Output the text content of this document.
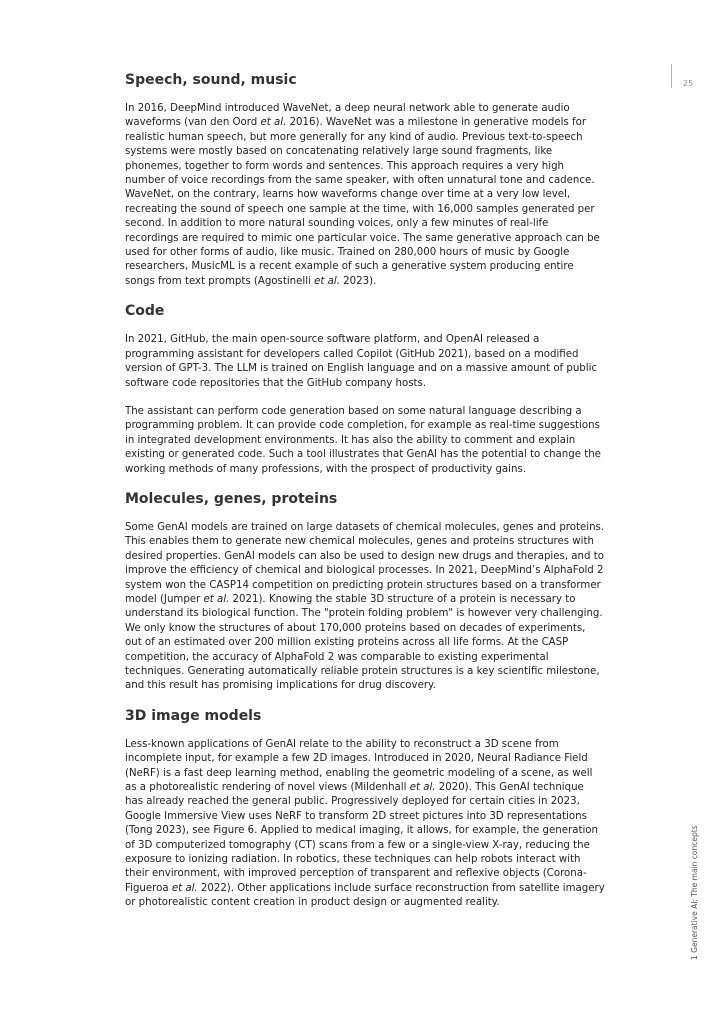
25
1 Generative AI: The main concepts
Speech, sound, music

In 2016, DeepMind introduced WaveNet, a deep neural network able to generate audio waveforms (van den Oord et al. 2016). WaveNet was a milestone in generative models for realistic human speech, but more generally for any kind of audio. Previous text-to-speech systems were mostly based on concatenating relatively large sound fragments, like phonemes, together to form words and sentences. This approach requires a very high number of voice recordings from the same speaker, with often unnatural tone and cadence. WaveNet, on the contrary, learns how waveforms change over time at a very low level, recreating the sound of speech one sample at the time, with 16,000 samples generated per second. In addition to more natural sounding voices, only a few minutes of real-life recordings are required to mimic one particular voice. The same generative approach can be used for other forms of audio, like music. Trained on 280,000 hours of music by Google researchers, MusicML is a recent example of such a generative system producing entire songs from text prompts (Agostinelli et al. 2023).

Code

In 2021, GitHub, the main open-source software platform, and OpenAI released a programming assistant for developers called Copilot (GitHub 2021), based on a modified version of GPT-3. The LLM is trained on English language and on a massive amount of public software code repositories that the GitHub company hosts.

The assistant can perform code generation based on some natural language describing a programming problem. It can provide code completion, for example as real-time suggestions in integrated development environments. It has also the ability to comment and explain existing or generated code. Such a tool illustrates that GenAI has the potential to change the working methods of many professions, with the prospect of productivity gains.

Molecules, genes, proteins

Some GenAI models are trained on large datasets of chemical molecules, genes and proteins. This enables them to generate new chemical molecules, genes and proteins structures with desired properties. GenAI models can also be used to design new drugs and therapies, and to improve the efficiency of chemical and biological processes. In 2021, DeepMind’s AlphaFold 2 system won the CASP14 competition on predicting protein structures based on a transformer model (Jumper et al. 2021). Knowing the stable 3D structure of a protein is necessary to understand its biological function. The "protein folding problem" is however very challenging. We only know the structures of about 170,000 proteins based on decades of experiments, out of an estimated over 200 million existing proteins across all life forms. At the CASP competition, the accuracy of AlphaFold 2 was comparable to existing experimental techniques. Generating automatically reliable protein structures is a key scientific milestone, and this result has promising implications for drug discovery.

3D image models

Less-known applications of GenAI relate to the ability to reconstruct a 3D scene from incomplete input, for example a few 2D images. Introduced in 2020, Neural Radiance Field (NeRF) is a fast deep learning method, enabling the geometric modeling of a scene, as well as a photorealistic rendering of novel views (Mildenhall et al. 2020). This GenAI technique has already reached the general public. Progressively deployed for certain cities in 2023, Google Immersive View uses NeRF to transform 2D street pictures into 3D representations (Tong 2023), see Figure 6. Applied to medical imaging, it allows, for example, the generation of 3D computerized tomography (CT) scans from a few or a single-view X-ray, reducing the exposure to ionizing radiation. In robotics, these techniques can help robots interact with their environment, with improved perception of transparent and reflexive objects (Corona-Figueroa et al. 2022). Other applications include surface reconstruction from satellite imagery or photorealistic content creation in product design or augmented reality.
